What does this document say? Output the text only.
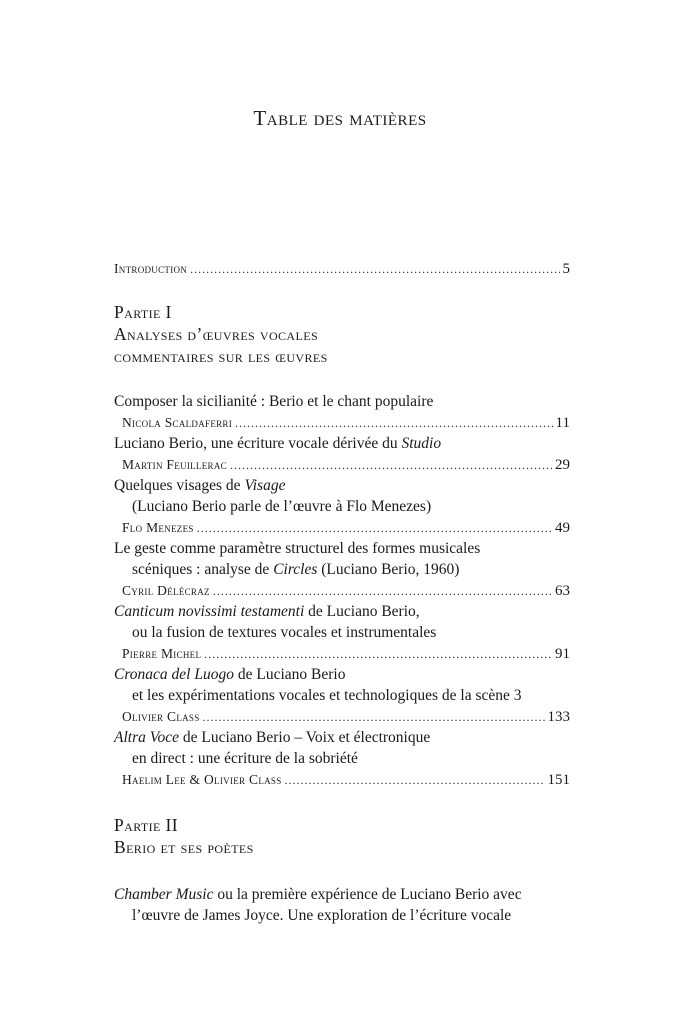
Table des matières
Introduction .....	5
Partie I
Analyses d’œuvres vocales
commentaires sur les œuvres
Composer la sicilianité : Berio et le chant populaire
Nicola Scaldaferri .....	11
Luciano Berio, une écriture vocale dérivée du Studio
Martin Feuillerac .....	29
Quelques visages de Visage
(Luciano Berio parle de l’œuvre à Flo Menezes)
Flo Menezes .....	49
Le geste comme paramètre structurel des formes musicales
scéniques : analyse de Circles (Luciano Berio, 1960)
Cyril Délécraz .....	63
Canticum novissimi testamenti de Luciano Berio,
ou la fusion de textures vocales et instrumentales
Pierre Michel .....	91
Cronaca del Luogo de Luciano Berio
et les expérimentations vocales et technologiques de la scène 3
Olivier Class .....	133
Altra Voce de Luciano Berio – Voix et électronique
en direct : une écriture de la sobriété
Haelim Lee & Olivier Class .....	151
Partie II
Berio et ses poètes
Chamber Music ou la première expérience de Luciano Berio avec
l’œuvre de James Joyce. Une exploration de l’écriture vocale
